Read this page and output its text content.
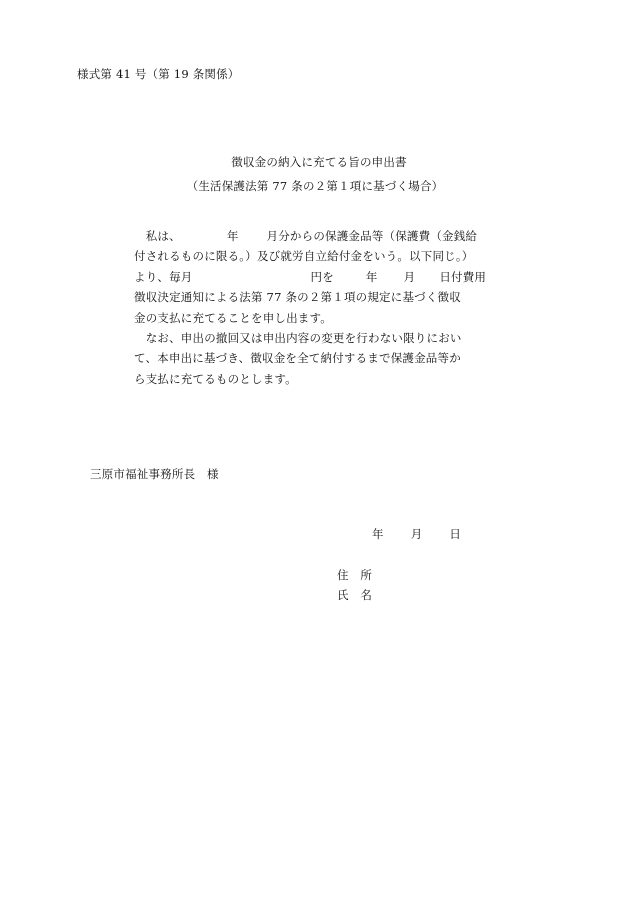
様式第 41 号（第 19 条関係）
徴収金の納入に充てる旨の申出書
（生活保護法第 77 条の２第１項に基づく場合）
　私は、	年 月分からの保護金品等（保護費（金銭給
付されるものに限る。）及び就労自立給付金をいう。以下同じ。）
より、毎月	円を	年 月 日付費用
徴収決定通知による法第 77 条の２第１項の規定に基づく徴収
金の支払に充てることを申し出ます。
　なお、申出の撤回又は申出内容の変更を行わない限りにおい
て、本申出に基づき、徴収金を全て納付するまで保護金品等か
ら支払に充てるものとします。
三原市福祉事務所長　様
年 月 日
住　所
氏　名
